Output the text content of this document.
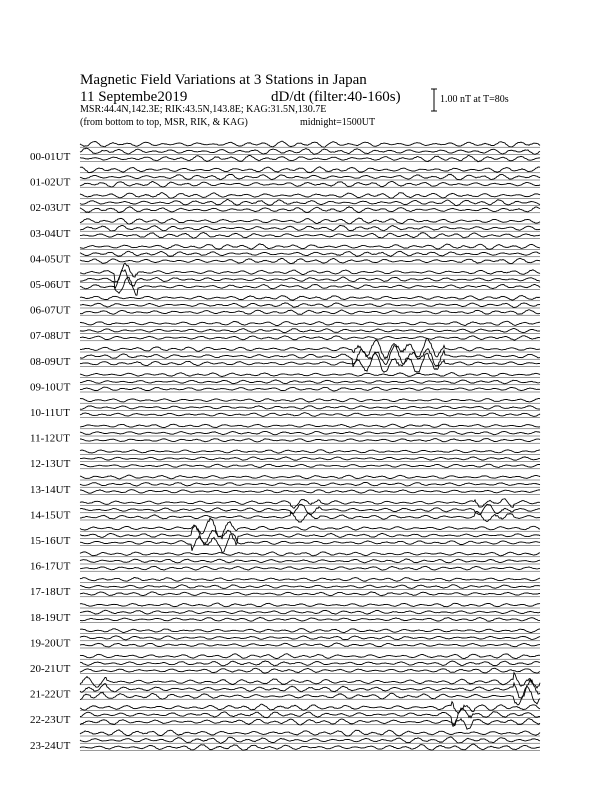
Magnetic Field Variations at 3 Stations in Japan
11 Septembe2019	dD/dt (filter:40-160s)
MSR:44.4N,142.3E; RIK:43.5N,143.8E; KAG:31.5N,130.7E
(from bottom to top, MSR, RIK, & KAG)	midnight=1500UT
1.00 nT at T=80s
00-01UT
01-02UT
02-03UT
03-04UT
04-05UT
05-06UT
06-07UT
07-08UT
08-09UT
09-10UT
10-11UT
11-12UT
12-13UT
13-14UT
14-15UT
15-16UT
16-17UT
17-18UT
18-19UT
19-20UT
20-21UT
21-22UT
22-23UT
23-24UT
